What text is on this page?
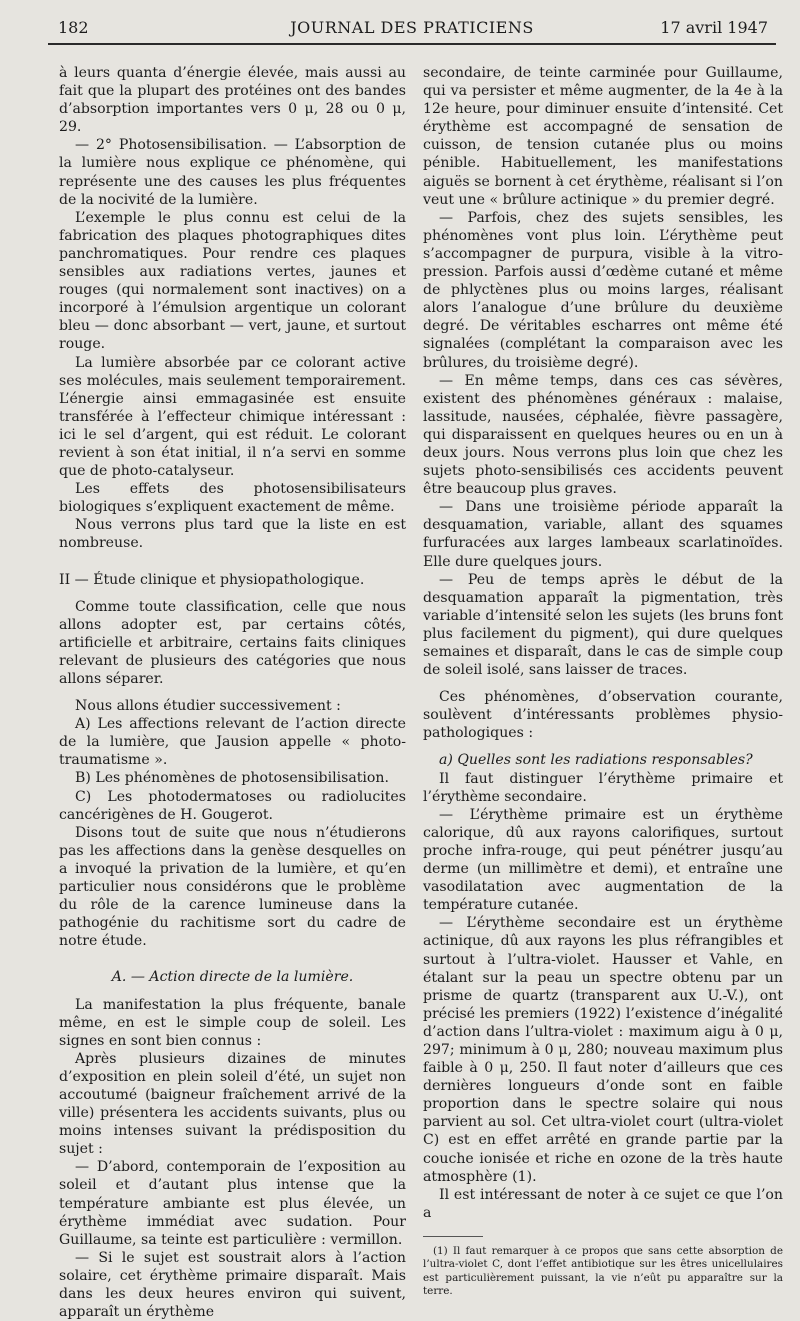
182	JOURNAL DES PRATICIENS	17 avril 1947

à leurs quanta d’énergie élevée, mais aussi au fait que la plupart des protéines ont des bandes d’absorption importantes vers 0 μ, 28 ou 0 μ, 29.

— 2° Photosensibilisation. — L’absorption de la lumière nous explique ce phénomène, qui représente une des causes les plus fréquentes de la nocivité de la lumière.

L’exemple le plus connu est celui de la fabrication des plaques photographiques dites panchromatiques. Pour rendre ces plaques sensibles aux radiations vertes, jaunes et rouges (qui normalement sont inactives) on a incorporé à l’émulsion argentique un colorant bleu — donc absorbant — vert, jaune, et surtout rouge.

La lumière absorbée par ce colorant active ses molécules, mais seulement temporairement. L’énergie ainsi emmagasinée est ensuite transférée à l’effecteur chimique intéressant : ici le sel d’argent, qui est réduit. Le colorant revient à son état initial, il n’a servi en somme que de photo-catalyseur.

Les effets des photosensibilisateurs biologiques s’expliquent exactement de même.

Nous verrons plus tard que la liste en est nombreuse.

II — Étude clinique et physiopathologique.

Comme toute classification, celle que nous allons adopter est, par certains côtés, artificielle et arbitraire, certains faits cliniques relevant de plusieurs des catégories que nous allons séparer.

Nous allons étudier successivement :

A) Les affections relevant de l’action directe de la lumière, que Jausion appelle « photo-traumatisme ».

B) Les phénomènes de photosensibilisation.

C) Les photodermatoses ou radiolucites cancérigènes de H. Gougerot.

Disons tout de suite que nous n’étudierons pas les affections dans la genèse desquelles on a invoqué la privation de la lumière, et qu’en particulier nous considérons que le problème du rôle de la carence lumineuse dans la pathogénie du rachitisme sort du cadre de notre étude.

A. — Action directe de la lumière.

La manifestation la plus fréquente, banale même, en est le simple coup de soleil. Les signes en sont bien connus :

Après plusieurs dizaines de minutes d’exposition en plein soleil d’été, un sujet non accoutumé (baigneur fraîchement arrivé de la ville) présentera les accidents suivants, plus ou moins intenses suivant la prédisposition du sujet :

— D’abord, contemporain de l’exposition au soleil et d’autant plus intense que la température ambiante est plus élevée, un érythème immédiat avec sudation. Pour Guillaume, sa teinte est particulière : vermillon.

— Si le sujet est soustrait alors à l’action solaire, cet érythème primaire disparaît. Mais dans les deux heures environ qui suivent, apparaît un érythème

secondaire, de teinte carminée pour Guillaume, qui va persister et même augmenter, de la 4e à la 12e heure, pour diminuer ensuite d’intensité. Cet érythème est accompagné de sensation de cuisson, de tension cutanée plus ou moins pénible. Habituellement, les manifestations aiguës se bornent à cet érythème, réalisant si l’on veut une « brûlure actinique » du premier degré.

— Parfois, chez des sujets sensibles, les phénomènes vont plus loin. L’érythème peut s’accompagner de purpura, visible à la vitro-pression. Parfois aussi d’œdème cutané et même de phlyctènes plus ou moins larges, réalisant alors l’analogue d’une brûlure du deuxième degré. De véritables escharres ont même été signalées (complétant la comparaison avec les brûlures, du troisième degré).

— En même temps, dans ces cas sévères, existent des phénomènes généraux : malaise, lassitude, nausées, céphalée, fièvre passagère, qui disparaissent en quelques heures ou en un à deux jours. Nous verrons plus loin que chez les sujets photo-sensibilisés ces accidents peuvent être beaucoup plus graves.

— Dans une troisième période apparaît la desquamation, variable, allant des squames furfuracées aux larges lambeaux scarlatinoïdes. Elle dure quelques jours.

— Peu de temps après le début de la desquamation apparaît la pigmentation, très variable d’intensité selon les sujets (les bruns font plus facilement du pigment), qui dure quelques semaines et disparaît, dans le cas de simple coup de soleil isolé, sans laisser de traces.

Ces phénomènes, d’observation courante, soulèvent d’intéressants problèmes physio-pathologiques :

a) Quelles sont les radiations responsables?

Il faut distinguer l’érythème primaire et l’érythème secondaire.

— L’érythème primaire est un érythème calorique, dû aux rayons calorifiques, surtout proche infra-rouge, qui peut pénétrer jusqu’au derme (un millimètre et demi), et entraîne une vasodilatation avec augmentation de la température cutanée.

— L’érythème secondaire est un érythème actinique, dû aux rayons les plus réfrangibles et surtout à l’ultra-violet. Hausser et Vahle, en étalant sur la peau un spectre obtenu par un prisme de quartz (transparent aux U.-V.), ont précisé les premiers (1922) l’existence d’inégalité d’action dans l’ultra-violet : maximum aigu à 0 μ, 297; minimum à 0 μ, 280; nouveau maximum plus faible à 0 μ, 250. Il faut noter d’ailleurs que ces dernières longueurs d’onde sont en faible proportion dans le spectre solaire qui nous parvient au sol. Cet ultra-violet court (ultra-violet C) est en effet arrêté en grande partie par la couche ionisée et riche en ozone de la très haute atmosphère (1).

Il est intéressant de noter à ce sujet ce que l’on a

(1) Il faut remarquer à ce propos que sans cette absorption de l’ultra-violet C, dont l’effet antibiotique sur les êtres unicellulaires est particulièrement puissant, la vie n’eût pu apparaître sur la terre.
